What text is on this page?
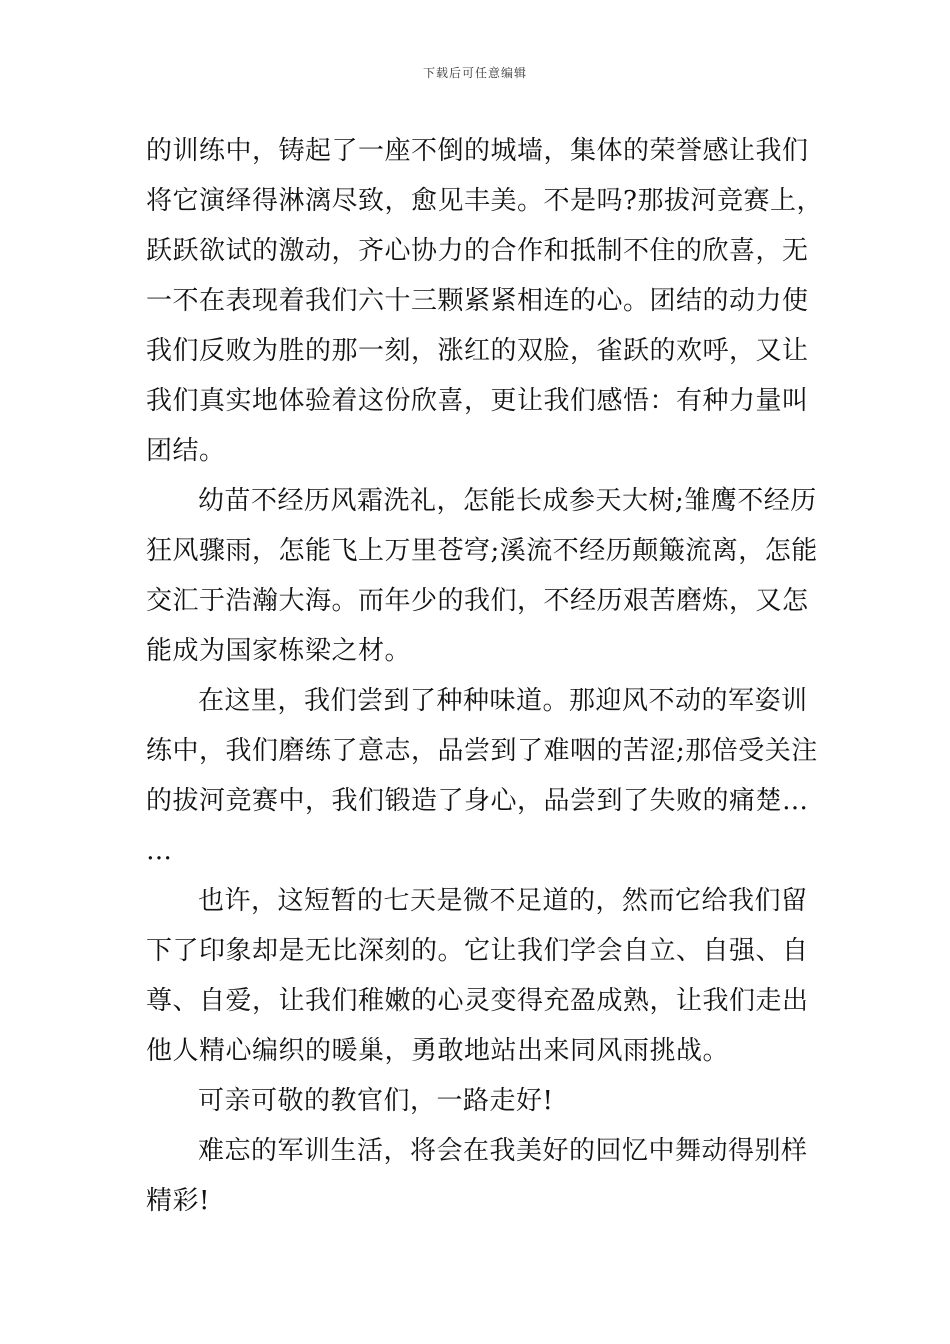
下载后可任意编辑
的训练中，铸起了一座不倒的城墙，集体的荣誉感让我们
将它演绎得淋漓尽致，愈见丰美。不是吗?那拔河竞赛上，
跃跃欲试的激动，齐心协力的合作和抵制不住的欣喜，无
一不在表现着我们六十三颗紧紧相连的心。团结的动力使
我们反败为胜的那一刻，涨红的双脸，雀跃的欢呼，又让
我们真实地体验着这份欣喜，更让我们感悟：有种力量叫
团结。
幼苗不经历风霜洗礼，怎能长成参天大树;雏鹰不经历
狂风骤雨，怎能飞上万里苍穹;溪流不经历颠簸流离，怎能
交汇于浩瀚大海。而年少的我们，不经历艰苦磨炼，又怎
能成为国家栋梁之材。
在这里，我们尝到了种种味道。那迎风不动的军姿训
练中，我们磨练了意志，品尝到了难咽的苦涩;那倍受关注
的拔河竞赛中，我们锻造了身心，品尝到了失败的痛楚…
…
也许，这短暂的七天是微不足道的，然而它给我们留
下了印象却是无比深刻的。它让我们学会自立、自强、自
尊、自爱，让我们稚嫩的心灵变得充盈成熟，让我们走出
他人精心编织的暖巢，勇敢地站出来同风雨挑战。
可亲可敬的教官们，一路走好!
难忘的军训生活，将会在我美好的回忆中舞动得别样
精彩!
